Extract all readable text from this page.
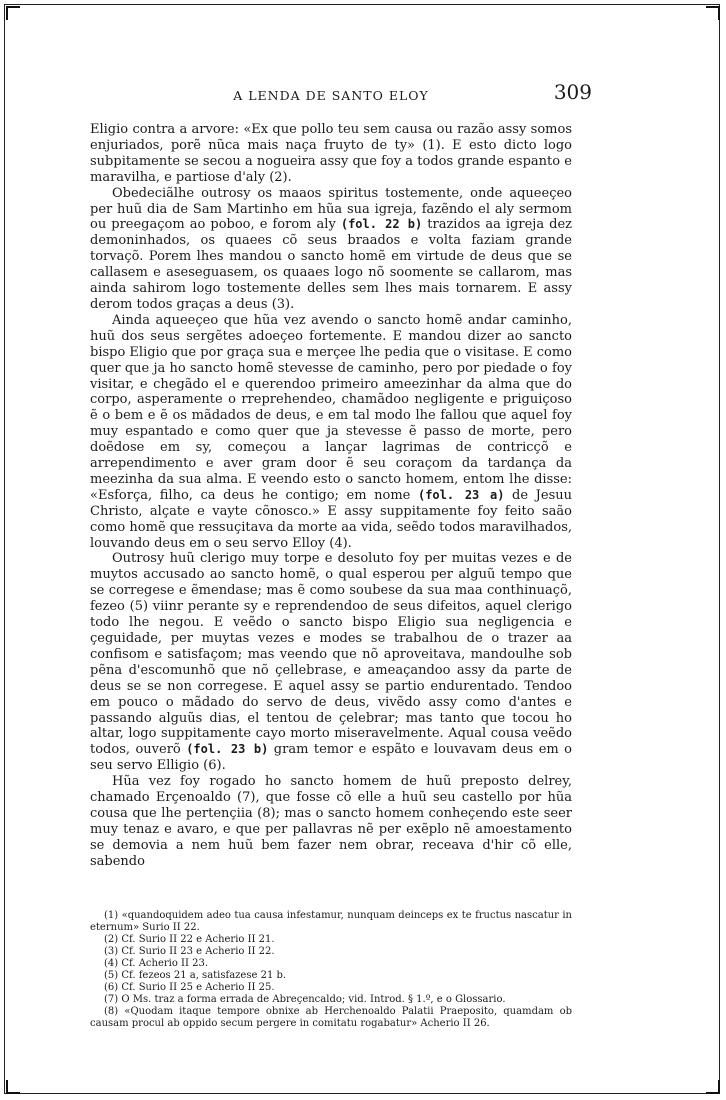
A LENDA DE SANTO ELOY	309

Eligio contra a arvore: «Ex que pollo teu sem causa ou razão assy somos enjuriados, porẽ nũca mais naça fruyto de ty» (1). E esto dicto logo subpitamente se secou a nogueira assy que foy a todos grande espanto e maravilha, e partiose d'aly (2).

Obedeciãlhe outrosy os maaos spiritus tostemente, onde aqueeçeo per huũ dia de Sam Martinho em hũa sua igreja, fazẽndo el aly sermom ou preegaçom ao poboo, e forom aly (fol. 22 b) trazidos aa igreja dez demoninhados, os quaees cõ seus braados e volta faziam grande torvaçõ. Porem lhes mandou o sancto homẽ em virtude de deus que se callasem e aseseguasem, os quaaes logo nõ soomente se callarom, mas ainda sahirom logo tostemente delles sem lhes mais tornarem. E assy derom todos graças a deus (3).

Ainda aqueeçeo que hũa vez avendo o sancto homẽ andar caminho, huũ dos seus sergẽtes adoeçeo fortemente. E mandou dizer ao sancto bispo Eligio que por graça sua e merçee lhe pedia que o visitase. E como quer que ja ho sancto homẽ stevesse de caminho, pero por piedade o foy visitar, e chegãdo el e querendoo primeiro ameezinhar da alma que do corpo, asperamente o rreprehendeo, chamãdoo negligente e priguiçoso ẽ o bem e ẽ os mãdados de deus, e em tal modo lhe fallou que aquel foy muy espantado e como quer que ja stevesse ẽ passo de morte, pero doẽdose em sy, começou a lançar lagrimas de contricçõ e arrependimento e aver gram door ẽ seu coraçom da tardança da meezinha da sua alma. E veendo esto o sancto homem, entom lhe disse: «Esforça, filho, ca deus he contigo; em nome (fol. 23 a) de Jesuu Christo, alçate e vayte cõnosco.» E assy suppitamente foy feito saão como homẽ que ressuçitava da morte aa vida, seẽdo todos maravilhados, louvando deus em o seu servo Elloy (4).

Outrosy huũ clerigo muy torpe e desoluto foy per muitas vezes e de muytos accusado ao sancto homẽ, o qual esperou per alguũ tempo que se corregese e ẽmendase; mas ẽ como soubese da sua maa conthinuaçõ, fezeo (5) viinr perante sy e reprendendoo de seus difeitos, aquel clerigo todo lhe negou. E veẽdo o sancto bispo Eligio sua negligencia e çeguidade, per muytas vezes e modes se trabalhou de o trazer aa confisom e satisfaçom; mas veendo que nõ aproveitava, mandoulhe sob pẽna d'escomunhõ que nõ çellebrase, e ameaçandoo assy da parte de deus se se non corregese. E aquel assy se partio endurentado. Tendoo em pouco o mãdado do servo de deus, vivẽdo assy como d'antes e passando alguũs dias, el tentou de çelebrar; mas tanto que tocou ho altar, logo suppitamente cayo morto miseravelmente. Aqual cousa veẽdo todos, ouverõ (fol. 23 b) gram temor e espãto e louvavam deus em o seu servo Elligio (6).

Hũa vez foy rogado ho sancto homem de huũ preposto delrey, chamado Erçenoaldo (7), que fosse cõ elle a huũ seu castello por hũa cousa que lhe pertençiia (8); mas o sancto homem conheçendo este seer muy tenaz e avaro, e que per pallavras nẽ per exẽplo nẽ amoestamento se demovia a nem huũ bem fazer nem obrar, receava d'hir cõ elle, sabendo

(1) «quandoquidem adeo tua causa infestamur, nunquam deinceps ex te fructus nascatur in eternum» Surio II 22.

(2) Cf. Surio II 22 e Acherio II 21.

(3) Cf. Surio II 23 e Acherio II 22.

(4) Cf. Acherio II 23.

(5) Cf. fezeos 21 a, satisfazese 21 b.

(6) Cf. Surio II 25 e Acherio II 25.

(7) O Ms. traz a forma errada de Abreçencaldo; vid. Introd. § 1.º, e o Glossario.

(8) «Quodam itaque tempore obnixe ab Herchenoaldo Palatii Praeposito, quamdam ob causam procul ab oppido secum pergere in comitatu rogabatur» Acherio II 26.
